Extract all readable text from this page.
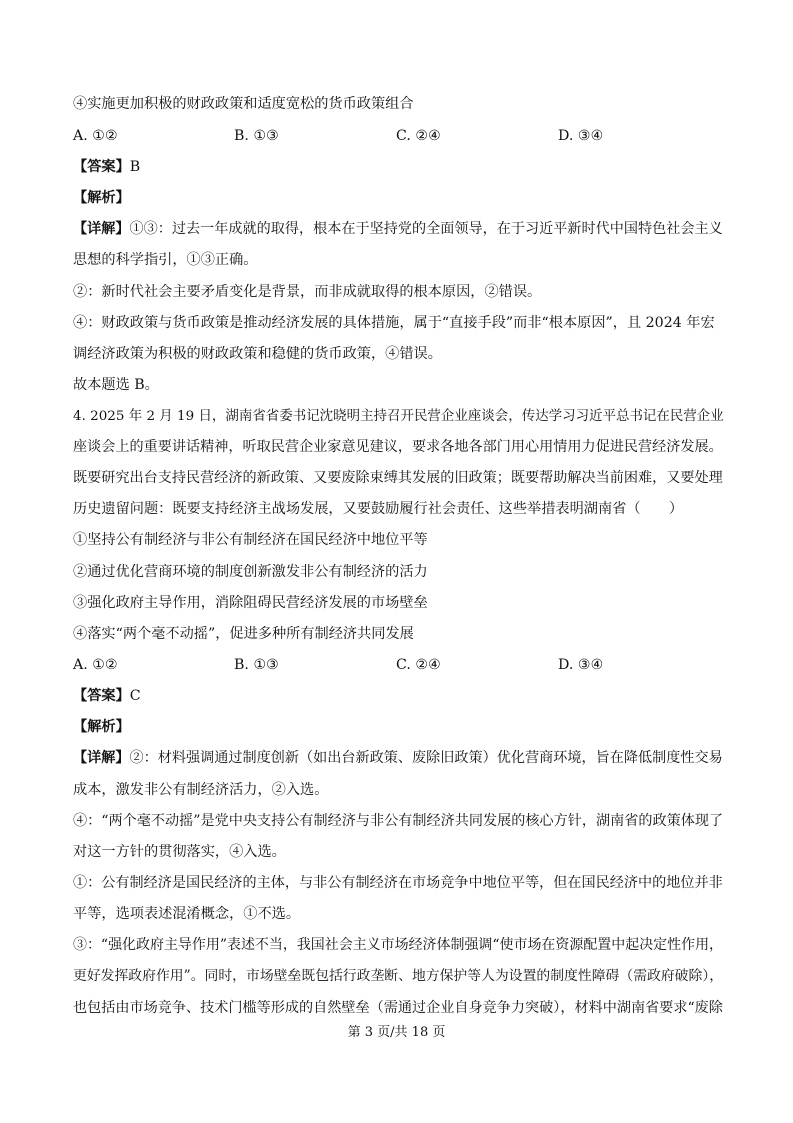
④实施更加积极的财政政策和适度宽松的货币政策组合
A. ①②	B. ①③	C. ②④	D. ③④
【答案】B
【解析】
【详解】①③：过去一年成就的取得，根本在于坚持党的全面领导，在于习近平新时代中国特色社会主义
思想的科学指引，①③正确。
②：新时代社会主要矛盾变化是背景，而非成就取得的根本原因，②错误。
④：财政政策与货币政策是推动经济发展的具体措施，属于“直接手段”而非“根本原因”，且 2024 年宏
调经济政策为积极的财政政策和稳健的货币政策，④错误。
故本题选 B。
4. 2025 年 2 月 19 日，湖南省省委书记沈晓明主持召开民营企业座谈会，传达学习习近平总书记在民营企业
座谈会上的重要讲话精神，听取民营企业家意见建议，要求各地各部门用心用情用力促进民营经济发展。
既要研究出台支持民营经济的新政策、又要废除束缚其发展的旧政策；既要帮助解决当前困难，又要处理
历史遗留问题：既要支持经济主战场发展，又要鼓励履行社会责任、这些举措表明湖南省（　　）
①坚持公有制经济与非公有制经济在国民经济中地位平等
②通过优化营商环境的制度创新激发非公有制经济的活力
③强化政府主导作用，消除阻碍民营经济发展的市场壁垒
④落实“两个毫不动摇”，促进多种所有制经济共同发展
A. ①②	B. ①③	C. ②④	D. ③④
【答案】C
【解析】
【详解】②：材料强调通过制度创新（如出台新政策、废除旧政策）优化营商环境，旨在降低制度性交易
成本，激发非公有制经济活力，②入选。
④：“两个毫不动摇”是党中央支持公有制经济与非公有制经济共同发展的核心方针，湖南省的政策体现了
对这一方针的贯彻落实，④入选。
①：公有制经济是国民经济的主体，与非公有制经济在市场竞争中地位平等，但在国民经济中的地位并非
平等，选项表述混淆概念，①不选。
③：“强化政府主导作用”表述不当，我国社会主义市场经济体制强调“使市场在资源配置中起决定性作用，
更好发挥政府作用”。同时，市场壁垒既包括行政垄断、地方保护等人为设置的制度性障碍（需政府破除），
也包括由市场竞争、技术门槛等形成的自然壁垒（需通过企业自身竞争力突破），材料中湖南省要求“废除
第 3 页/共 18 页
